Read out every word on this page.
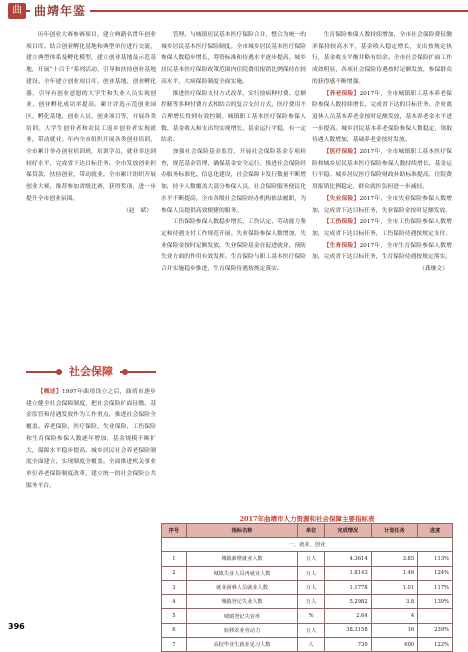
曲	曲靖年鉴

历年创业大赛参赛项目、建立典籍名贯年创业项目库。结合创业孵化基地和典型单位进行交流，建立典型体系及孵化模型，建立创业基地及示范基地，开展“十百千”系列活动，引导和扶持创业基地建设。全年建立创业项目库、创业基地、创业孵化器，引导有创业意愿的大学生和失业人员实现创业，创业孵化成功率提高。累计评选示范创业园区、孵化基地、创业人员、创业项目等，开展各类培训。大学生创业者和农民工返乡创业者实现就业，带动就业。年内全市组织开展各类创业培训，全市累计举办创业培训班，培训学员，就业率达到较好水平，完成省下达目标任务。全市发放创业担保贷款，扶持创业，带动就业。全市累计组织开展创业大赛，推荐参加省级比赛，获得奖项，进一步提升全市创业氛围。

（赵　斌）

社会保障

【概述】1997年曲靖设立之后，曲靖市逐步建立健全社会保障制度，把社会保险扩面征缴、基金监管和待遇发放作为工作重点，推进社会保险全覆盖。养老保险、医疗保险、失业保险、工伤保险和生育保险参保人数逐年增加，基金规模不断扩大，保障水平稳步提高。城乡居民社会养老保险制度全面建立，实现制度全覆盖。全面推进机关事业单位养老保险制度改革，建立统一的社会保险公共服务平台。

管理。与城镇居民基本医疗保险合并，整合为统一的城乡居民基本医疗保险制度。全市城乡居民基本医疗保险参保人数稳步增长，筹资标准和待遇水平逐步提高。城乡居民基本医疗保险政策范围内住院费用报销比例保持在较高水平，大病保险制度全面实施。

推进医疗保险支付方式改革，实行按病种付费、总额控制等多种付费方式相结合的复合支付方式，医疗费用不合理增长得到有效控制。城镇职工基本医疗保险参保人数、基金收入和支出均实现增长，基金运行平稳，有一定结余。

加强社会保险基金监管，开展社会保险基金专项检查，规范基金管理，确保基金安全运行。推进社会保险经办服务标准化、信息化建设，社会保障卡发行数量不断增加，持卡人数覆盖大部分参保人员，社会保险服务便民化水平不断提高。全市各级社会保险经办机构依法履职，为参保人员提供高效便捷的服务。

工伤保险参保人数稳步增长，工伤认定、劳动能力鉴定和待遇支付工作规范开展。失业保险参保人数增加，失业保险金按时足额发放，失业保险基金在促进就业、预防失业方面的作用有效发挥。生育保险与职工基本医疗保险合并实施稳步推进，生育保险待遇按规定落实。

生育保险参保人数持续增加，全市社会保险费征缴率保持较高水平，基金收入稳定增长，支出按规定执行，基金收支平衡并略有结余。全市社会保险扩面工作成效明显，各项社会保险待遇按时足额发放，参保群众的获得感不断增强。

【养老保险】2017年，全市城镇职工基本养老保险参保人数持续增长，完成省下达的目标任务。企业离退休人员基本养老金按时足额发放，基本养老金水平进一步提高。城乡居民基本养老保险参保人数稳定，领取待遇人数增加，基础养老金按时发放。

【医疗保险】2017年，全市城镇职工基本医疗保险和城乡居民基本医疗保险参保人数持续增长，基金运行平稳。城乡居民医疗保险财政补助标准提高，住院费用报销比例稳定，群众就医负担进一步减轻。

【失业保险】2017年，全市失业保险参保人数增加，完成省下达目标任务，失业保险金按时足额发放。

【工伤保险】2017年，全市工伤保险参保人数增加，完成省下达目标任务，工伤保险待遇按规定支付。

【生育保险】2017年，全市生育保险参保人数增加，完成省下达目标任务，生育保险待遇按规定落实。

（龚继文）

2017年曲靖市人力资源和社会保障主要指标表
序号	指标名称	单位	完成情况	计划任务	进度
一、就业、创业					
1	城镇新增就业人数	万人	4.3614	3.85	113%
2	城镇失业人员再就业人数	万人	1.8143	1.46	124%
3	就业困难人员就业人数	万人	1.1778	1.01	117%
4	城镇登记失业人数	万人	5.2982	3.8	139%
5	城镇登记失业率	%	2.64	4	
6	转移农业劳动力	万人	38.3158	16	239%
7	高校毕业生就业见习人数	人	730	600	122%
396
